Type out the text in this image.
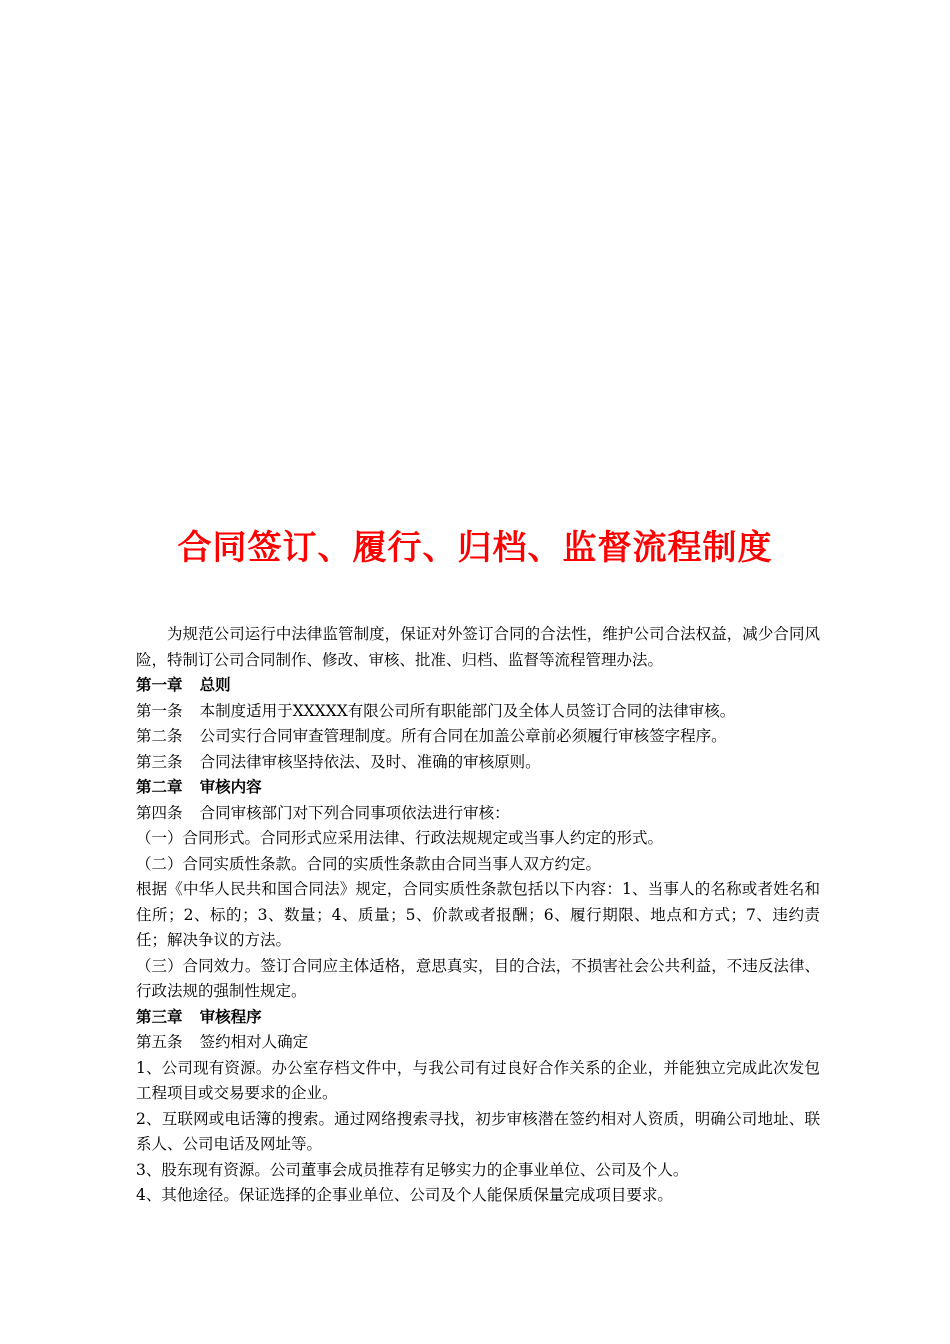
合同签订、履行、归档、监督流程制度

为规范公司运行中法律监管制度，保证对外签订合同的合法性，维护公司合法权益，减少合同风险，特制订公司合同制作、修改、审核、批准、归档、监督等流程管理办法。

第一章 总则

第一条 本制度适用于XXXXX有限公司所有职能部门及全体人员签订合同的法律审核。

第二条 公司实行合同审查管理制度。所有合同在加盖公章前必须履行审核签字程序。

第三条 合同法律审核坚持依法、及时、准确的审核原则。

第二章 审核内容

第四条 合同审核部门对下列合同事项依法进行审核：

（一）合同形式。合同形式应采用法律、行政法规规定或当事人约定的形式。

（二）合同实质性条款。合同的实质性条款由合同当事人双方约定。

根据《中华人民共和国合同法》规定，合同实质性条款包括以下内容：1、当事人的名称或者姓名和住所；2、标的；3、数量；4、质量；5、价款或者报酬；6、履行期限、地点和方式；7、违约责任；解决争议的方法。

（三）合同效力。签订合同应主体适格，意思真实，目的合法，不损害社会公共利益，不违反法律、行政法规的强制性规定。

第三章 审核程序

第五条 签约相对人确定

1、公司现有资源。办公室存档文件中，与我公司有过良好合作关系的企业，并能独立完成此次发包工程项目或交易要求的企业。

2、互联网或电话簿的搜索。通过网络搜索寻找，初步审核潜在签约相对人资质，明确公司地址、联系人、公司电话及网址等。

3、股东现有资源。公司董事会成员推荐有足够实力的企事业单位、公司及个人。

4、其他途径。保证选择的企事业单位、公司及个人能保质保量完成项目要求。
